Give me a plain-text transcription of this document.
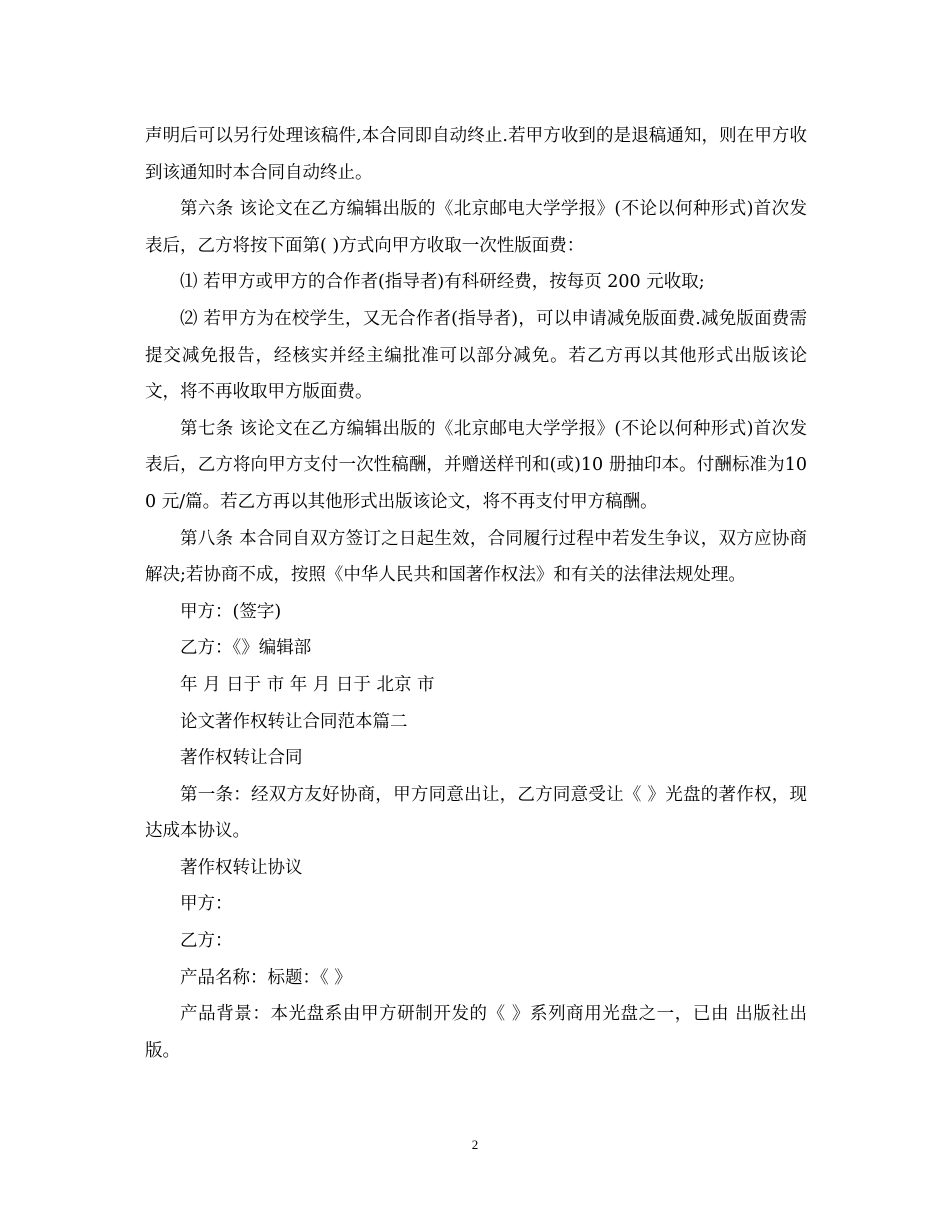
声明后可以另行处理该稿件,本合同即自动终止.若甲方收到的是退稿通知，则在甲方收到该通知时本合同自动终止。

第六条 该论文在乙方编辑出版的《北京邮电大学学报》(不论以何种形式)首次发表后，乙方将按下面第( )方式向甲方收取一次性版面费：

⑴ 若甲方或甲方的合作者(指导者)有科研经费，按每页 200 元收取;

⑵ 若甲方为在校学生，又无合作者(指导者)，可以申请减免版面费.减免版面费需提交减免报告，经核实并经主编批准可以部分减免。若乙方再以其他形式出版该论文，将不再收取甲方版面费。

第七条 该论文在乙方编辑出版的《北京邮电大学学报》(不论以何种形式)首次发表后，乙方将向甲方支付一次性稿酬，并赠送样刊和(或)10 册抽印本。付酬标准为100 元/篇。若乙方再以其他形式出版该论文，将不再支付甲方稿酬。

第八条 本合同自双方签订之日起生效，合同履行过程中若发生争议，双方应协商解决;若协商不成，按照《中华人民共和国著作权法》和有关的法律法规处理。

甲方：(签字)

乙方：《》编辑部

年 月 日于 市 年 月 日于 北京 市

论文著作权转让合同范本篇二

著作权转让合同

第一条：经双方友好协商，甲方同意出让，乙方同意受让《 》光盘的著作权，现达成本协议。

著作权转让协议

甲方：

乙方：

产品名称：标题：《 》

产品背景：本光盘系由甲方研制开发的《 》系列商用光盘之一，已由 出版社出版。

2
